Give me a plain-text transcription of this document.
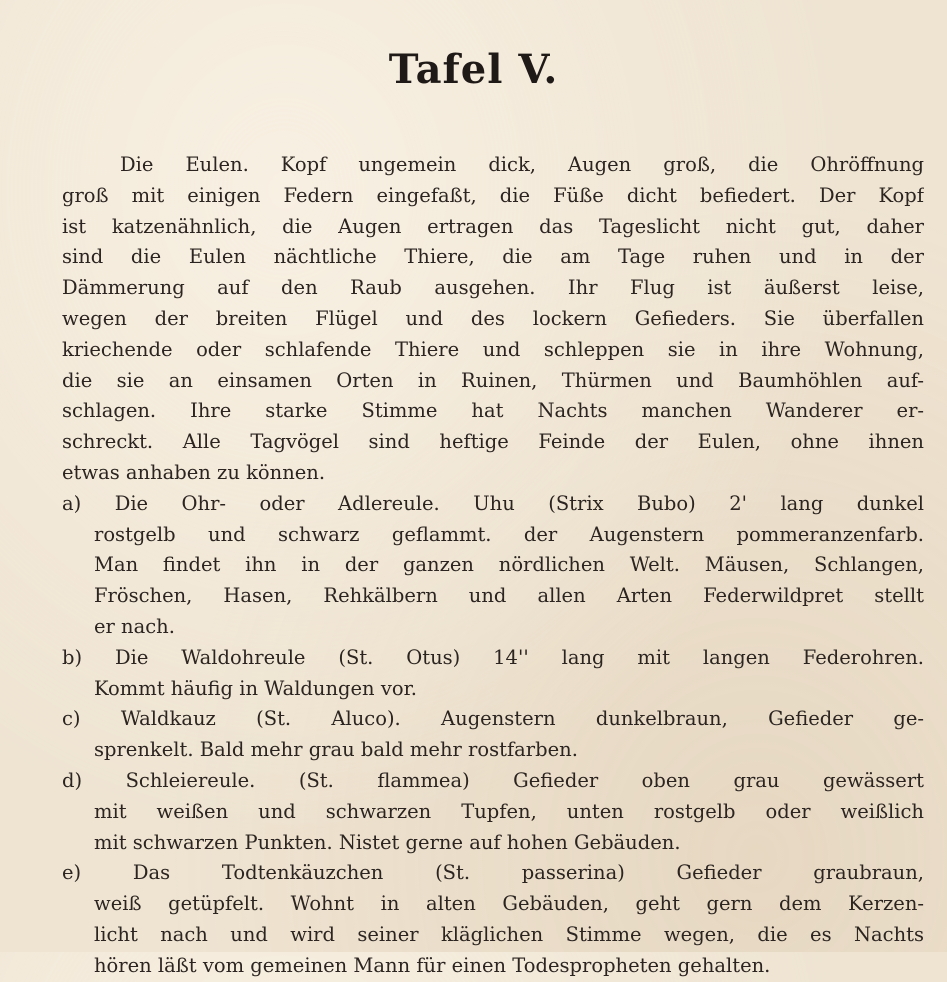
Tafel V.
Die Eulen. Kopf ungemein dick, Augen groß, die Ohröffnung
groß mit einigen Federn eingefaßt, die Füße dicht befiedert. Der Kopf
ist katzenähnlich, die Augen ertragen das Tageslicht nicht gut, daher
sind die Eulen nächtliche Thiere, die am Tage ruhen und in der
Dämmerung auf den Raub ausgehen. Ihr Flug ist äußerst leise,
wegen der breiten Flügel und des lockern Gefieders. Sie überfallen
kriechende oder schlafende Thiere und schleppen sie in ihre Wohnung,
die sie an einsamen Orten in Ruinen, Thürmen und Baumhöhlen auf-
schlagen. Ihre starke Stimme hat Nachts manchen Wanderer er-
schreckt. Alle Tagvögel sind heftige Feinde der Eulen, ohne ihnen
etwas anhaben zu können.
a) Die Ohr- oder Adlereule. Uhu (Strix Bubo) 2' lang dunkel
rostgelb und schwarz geflammt. der Augenstern pommeranzenfarb.
Man findet ihn in der ganzen nördlichen Welt. Mäusen, Schlangen,
Fröschen, Hasen, Rehkälbern und allen Arten Federwildpret stellt
er nach.
b) Die Waldohreule (St. Otus) 14'' lang mit langen Federohren.
Kommt häufig in Waldungen vor.
c) Waldkauz (St. Aluco). Augenstern dunkelbraun, Gefieder ge-
sprenkelt. Bald mehr grau bald mehr rostfarben.
d) Schleiereule. (St. flammea) Gefieder oben grau gewässert
mit weißen und schwarzen Tupfen, unten rostgelb oder weißlich
mit schwarzen Punkten. Nistet gerne auf hohen Gebäuden.
e) Das Todtenkäuzchen (St. passerina) Gefieder graubraun,
weiß getüpfelt. Wohnt in alten Gebäuden, geht gern dem Kerzen-
licht nach und wird seiner kläglichen Stimme wegen, die es Nachts
hören läßt vom gemeinen Mann für einen Todespropheten gehalten.
